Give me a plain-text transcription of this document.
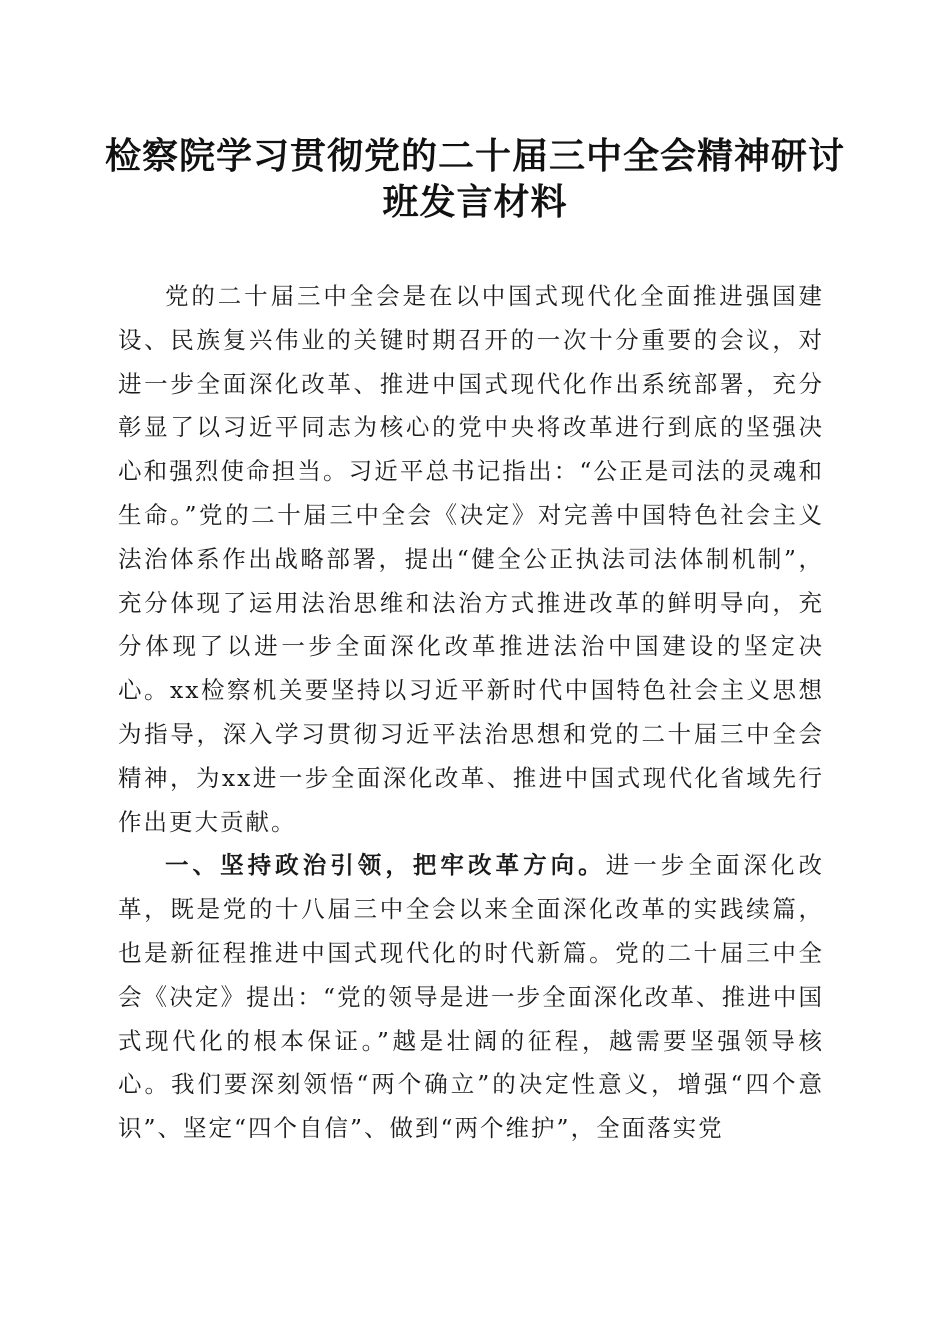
检察院学习贯彻党的二十届三中全会精神研讨
班发言材料

党的二十届三中全会是在以中国式现代化全面推进强国建设、民族复兴伟业的关键时期召开的一次十分重要的会议，对进一步全面深化改革、推进中国式现代化作出系统部署，充分彰显了以习近平同志为核心的党中央将改革进行到底的坚强决心和强烈使命担当。习近平总书记指出：“公正是司法的灵魂和生命。”党的二十届三中全会《决定》对完善中国特色社会主义法治体系作出战略部署，提出“健全公正执法司法体制机制”，充分体现了运用法治思维和法治方式推进改革的鲜明导向，充分体现了以进一步全面深化改革推进法治中国建设的坚定决心。xx检察机关要坚持以习近平新时代中国特色社会主义思想为指导，深入学习贯彻习近平法治思想和党的二十届三中全会精神，为xx进一步全面深化改革、推进中国式现代化省域先行作出更大贡献。

一、坚持政治引领，把牢改革方向。进一步全面深化改革，既是党的十八届三中全会以来全面深化改革的实践续篇，也是新征程推进中国式现代化的时代新篇。党的二十届三中全会《决定》提出：“党的领导是进一步全面深化改革、推进中国式现代化的根本保证。”越是壮阔的征程，越需要坚强领导核心。我们要深刻领悟“两个确立”的决定性意义，增强“四个意识”、坚定“四个自信”、做到“两个维护”，全面落实党
